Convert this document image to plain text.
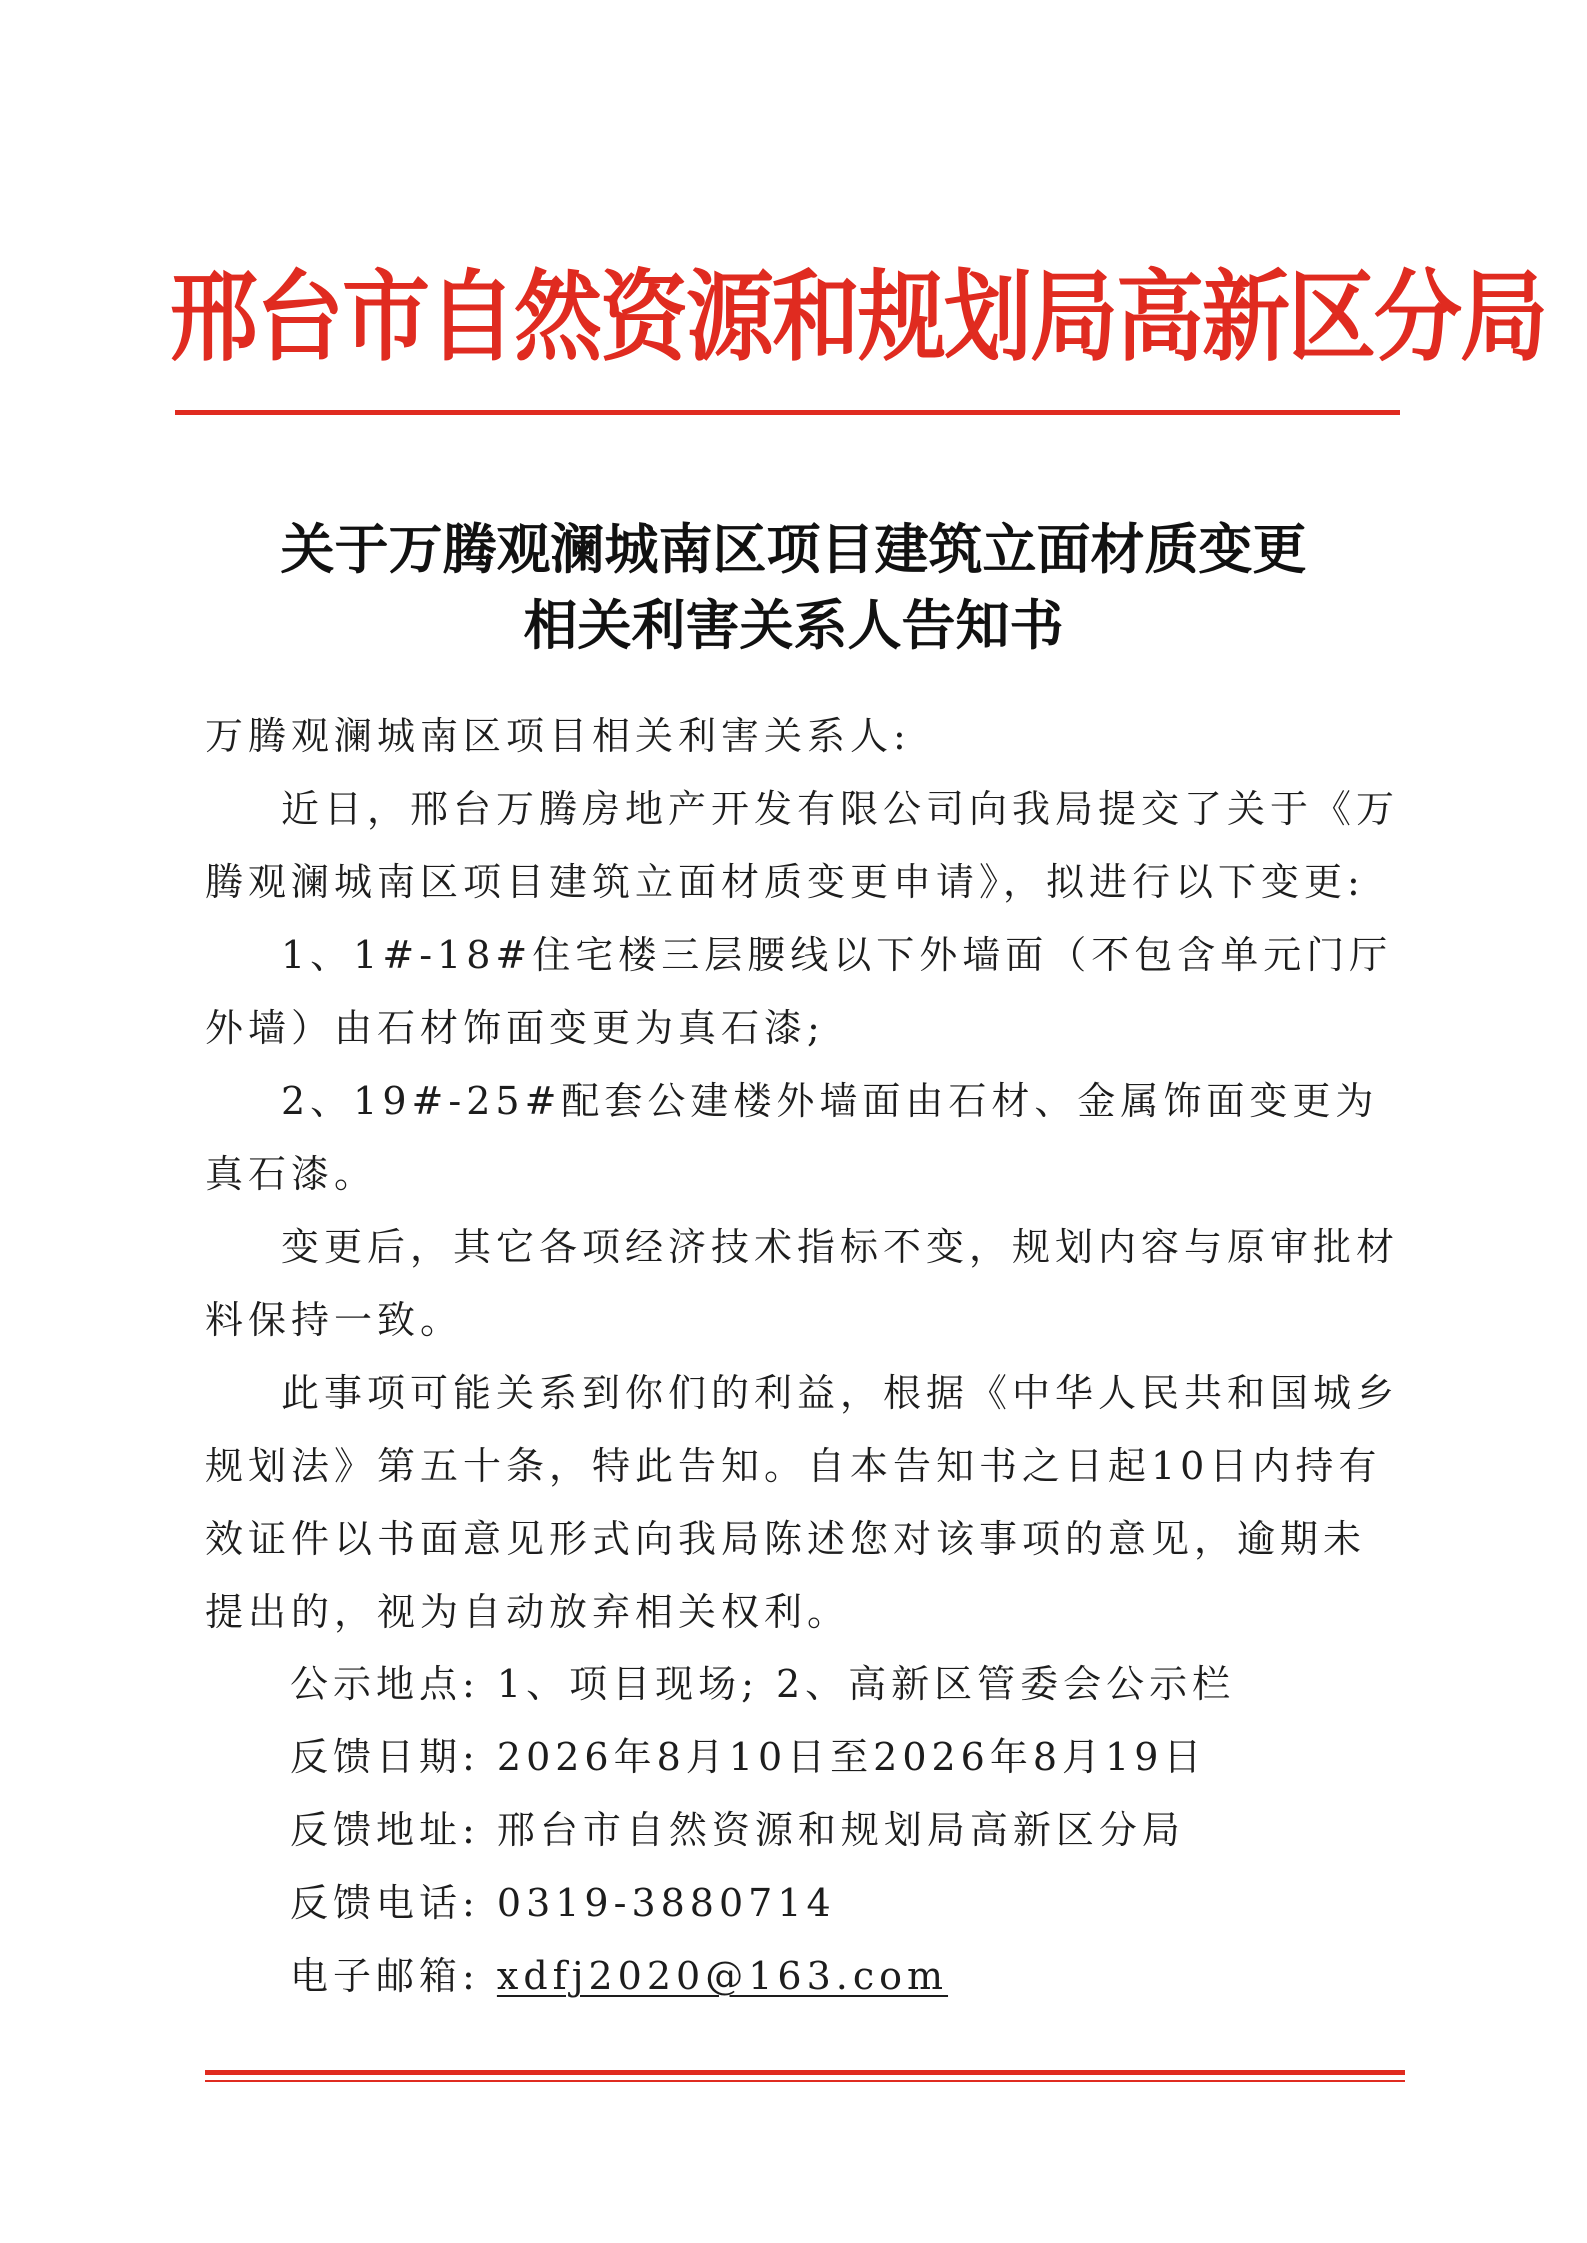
邢台市自然资源和规划局高新区分局
关于万腾观澜城南区项目建筑立面材质变更
相关利害关系人告知书

万腾观澜城南区项目相关利害关系人:

近日，邢台万腾房地产开发有限公司向我局提交了关于《万腾观澜城南区项目建筑立面材质变更申请》，拟进行以下变更:

1、1#-18#住宅楼三层腰线以下外墙面（不包含单元门厅外墙）由石材饰面变更为真石漆;

2、19#-25#配套公建楼外墙面由石材、金属饰面变更为真石漆。

变更后，其它各项经济技术指标不变，规划内容与原审批材料保持一致。

此事项可能关系到你们的利益，根据《中华人民共和国城乡规划法》第五十条，特此告知。自本告知书之日起10日内持有效证件以书面意见形式向我局陈述您对该事项的意见，逾期未提出的，视为自动放弃相关权利。

公示地点: 1、项目现场; 2、高新区管委会公示栏
反馈日期: 2026年8月10日至2026年8月19日
反馈地址: 邢台市自然资源和规划局高新区分局
反馈电话: 0319-3880714
电子邮箱: xdfj2020@163.com
